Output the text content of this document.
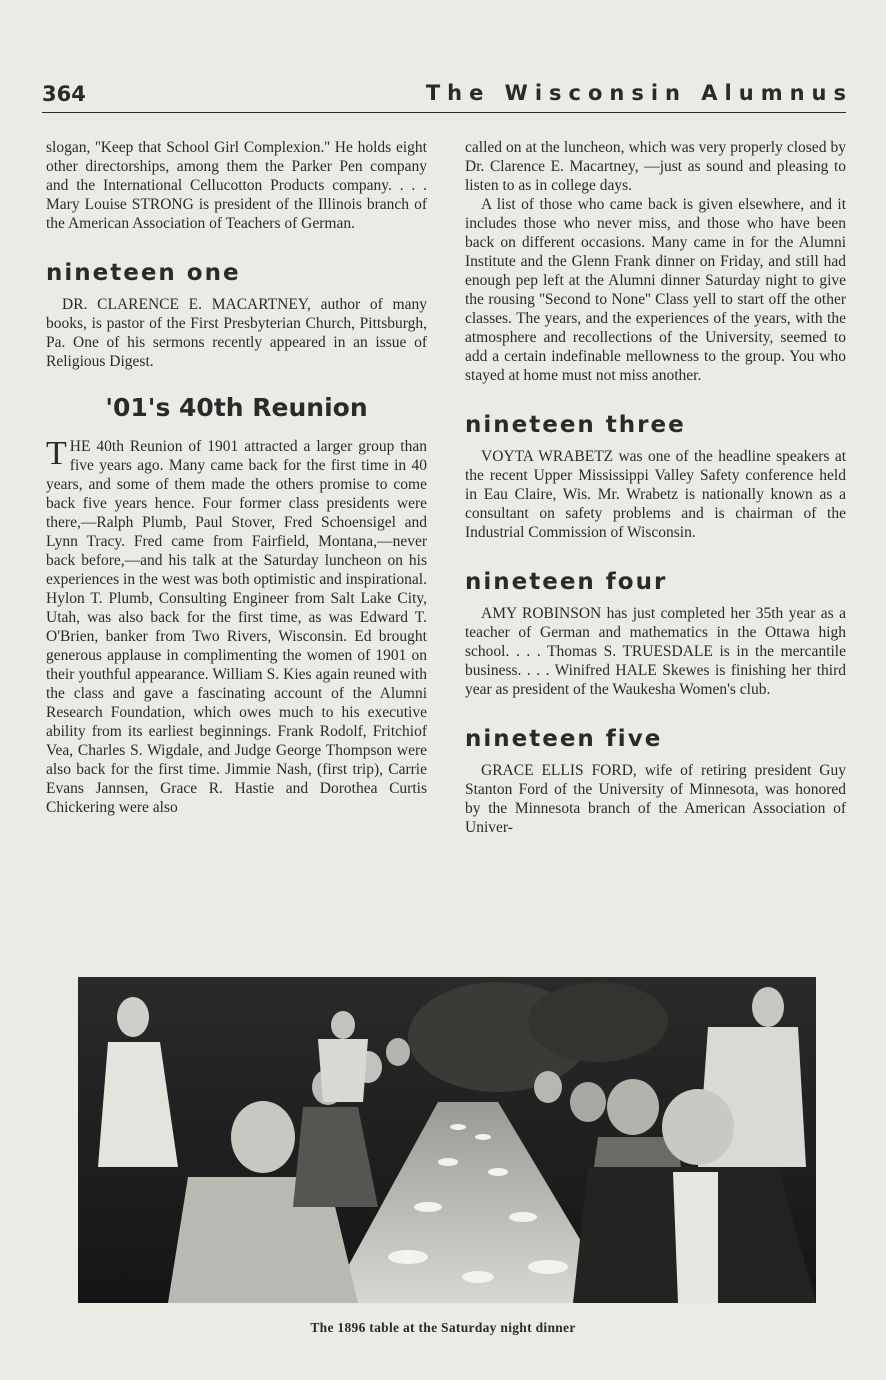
364	The Wisconsin Alumnus

slogan, ''Keep that School Girl Complexion.'' He holds eight other directorships, among them the Parker Pen company and the International Cellucotton Products company. . . . Mary Louise STRONG is president of the Illinois branch of the American Association of Teachers of German.

nineteen one

DR. CLARENCE E. MACARTNEY, author of many books, is pastor of the First Presbyterian Church, Pittsburgh, Pa. One of his sermons recently appeared in an issue of Religious Digest.

'01's 40th Reunion

THE 40th Reunion of 1901 attracted a larger group than five years ago. Many came back for the first time in 40 years, and some of them made the others promise to come back five years hence. Four former class presidents were there,—Ralph Plumb, Paul Stover, Fred Schoensigel and Lynn Tracy. Fred came from Fairfield, Montana,—never back before,—and his talk at the Saturday luncheon on his experiences in the west was both optimistic and inspirational. Hylon T. Plumb, Consulting Engineer from Salt Lake City, Utah, was also back for the first time, as was Edward T. O'Brien, banker from Two Rivers, Wisconsin. Ed brought generous applause in complimenting the women of 1901 on their youthful appearance. William S. Kies again reuned with the class and gave a fascinating account of the Alumni Research Foundation, which owes much to his executive ability from its earliest beginnings. Frank Rodolf, Fritchiof Vea, Charles S. Wigdale, and Judge George Thompson were also back for the first time. Jimmie Nash, (first trip), Carrie Evans Jannsen, Grace R. Hastie and Dorothea Curtis Chickering were also

called on at the luncheon, which was very properly closed by Dr. Clarence E. Macartney, —just as sound and pleasing to listen to as in college days.

A list of those who came back is given elsewhere, and it includes those who never miss, and those who have been back on different occasions. Many came in for the Alumni Institute and the Glenn Frank dinner on Friday, and still had enough pep left at the Alumni dinner Saturday night to give the rousing ''Second to None'' Class yell to start off the other classes. The years, and the experiences of the years, with the atmosphere and recollections of the University, seemed to add a certain indefinable mellowness to the group. You who stayed at home must not miss another.

nineteen three

VOYTA WRABETZ was one of the headline speakers at the recent Upper Mississippi Valley Safety conference held in Eau Claire, Wis. Mr. Wrabetz is nationally known as a consultant on safety problems and is chairman of the Industrial Commission of Wisconsin.

nineteen four

AMY ROBINSON has just completed her 35th year as a teacher of German and mathematics in the Ottawa high school. . . . Thomas S. TRUESDALE is in the mercantile business. . . . Winifred HALE Skewes is finishing her third year as president of the Waukesha Women's club.

nineteen five

GRACE ELLIS FORD, wife of retiring president Guy Stanton Ford of the University of Minnesota, was honored by the Minnesota branch of the American Association of Univer-

The 1896 table at the Saturday night dinner
